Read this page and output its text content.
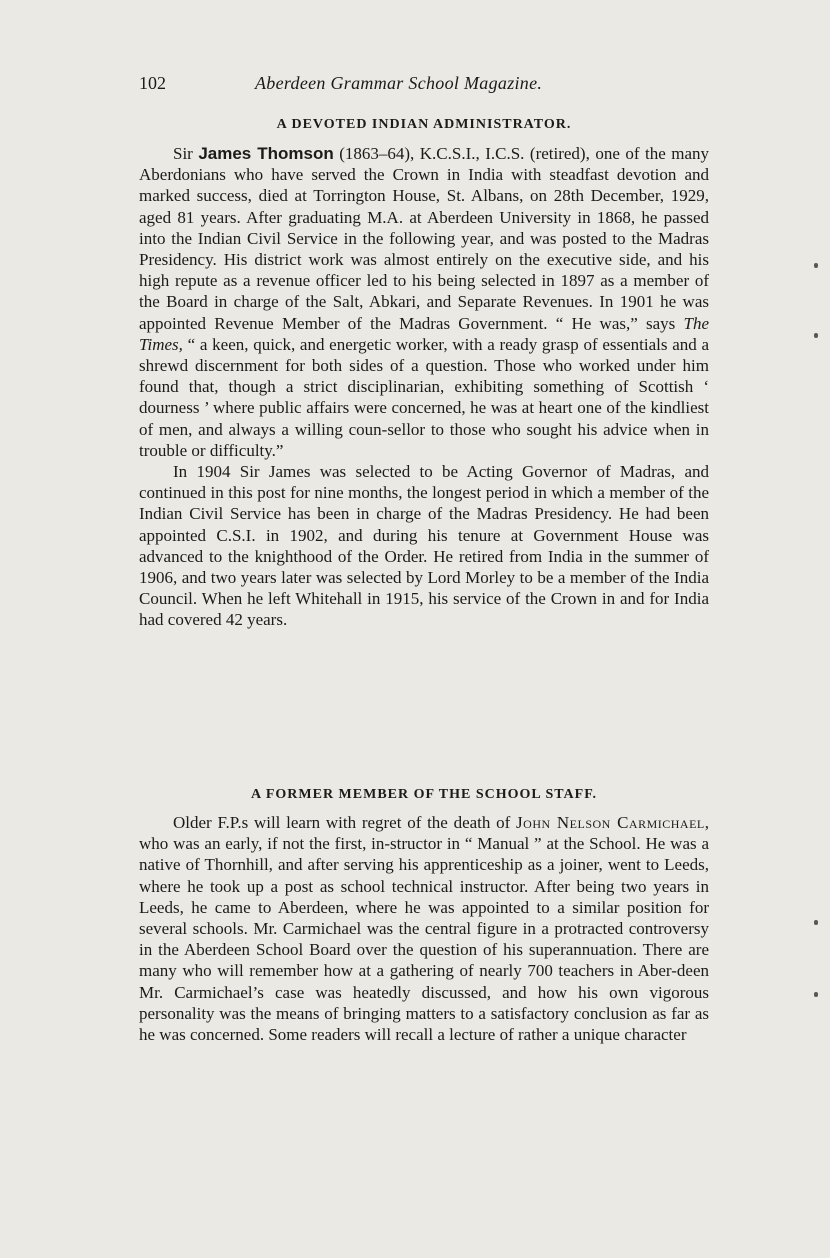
102	Aberdeen Grammar School Magazine.
A DEVOTED INDIAN ADMINISTRATOR.

Sir James Thomson (1863–64), K.C.S.I., I.C.S. (retired), one of the many Aberdonians who have served the Crown in India with steadfast devotion and marked success, died at Torrington House, St. Albans, on 28th December, 1929, aged 81 years. After graduating M.A. at Aberdeen University in 1868, he passed into the Indian Civil Service in the following year, and was posted to the Madras Presidency. His district work was almost entirely on the executive side, and his high repute as a revenue officer led to his being selected in 1897 as a member of the Board in charge of the Salt, Abkari, and Separate Revenues. In 1901 he was appointed Revenue Member of the Madras Government. “ He was,” says The Times, “ a keen, quick, and energetic worker, with a ready grasp of essentials and a shrewd discernment for both sides of a question. Those who worked under him found that, though a strict disciplinarian, exhibiting something of Scottish ‘ dourness ’ where public affairs were concerned, he was at heart one of the kindliest of men, and always a willing coun-sellor to those who sought his advice when in trouble or difficulty.”

In 1904 Sir James was selected to be Acting Governor of Madras, and continued in this post for nine months, the longest period in which a member of the Indian Civil Service has been in charge of the Madras Presidency. He had been appointed C.S.I. in 1902, and during his tenure at Government House was advanced to the knighthood of the Order. He retired from India in the summer of 1906, and two years later was selected by Lord Morley to be a member of the India Council. When he left Whitehall in 1915, his service of the Crown in and for India had covered 42 years.

A FORMER MEMBER OF THE SCHOOL STAFF.

Older F.P.s will learn with regret of the death of John Nelson Carmichael, who was an early, if not the first, in-structor in “ Manual ” at the School. He was a native of Thornhill, and after serving his apprenticeship as a joiner, went to Leeds, where he took up a post as school technical instructor. After being two years in Leeds, he came to Aberdeen, where he was appointed to a similar position for several schools. Mr. Carmichael was the central figure in a protracted controversy in the Aberdeen School Board over the question of his superannuation. There are many who will remember how at a gathering of nearly 700 teachers in Aber-deen Mr. Carmichael’s case was heatedly discussed, and how his own vigorous personality was the means of bringing matters to a satisfactory conclusion as far as he was concerned. Some readers will recall a lecture of rather a unique character
